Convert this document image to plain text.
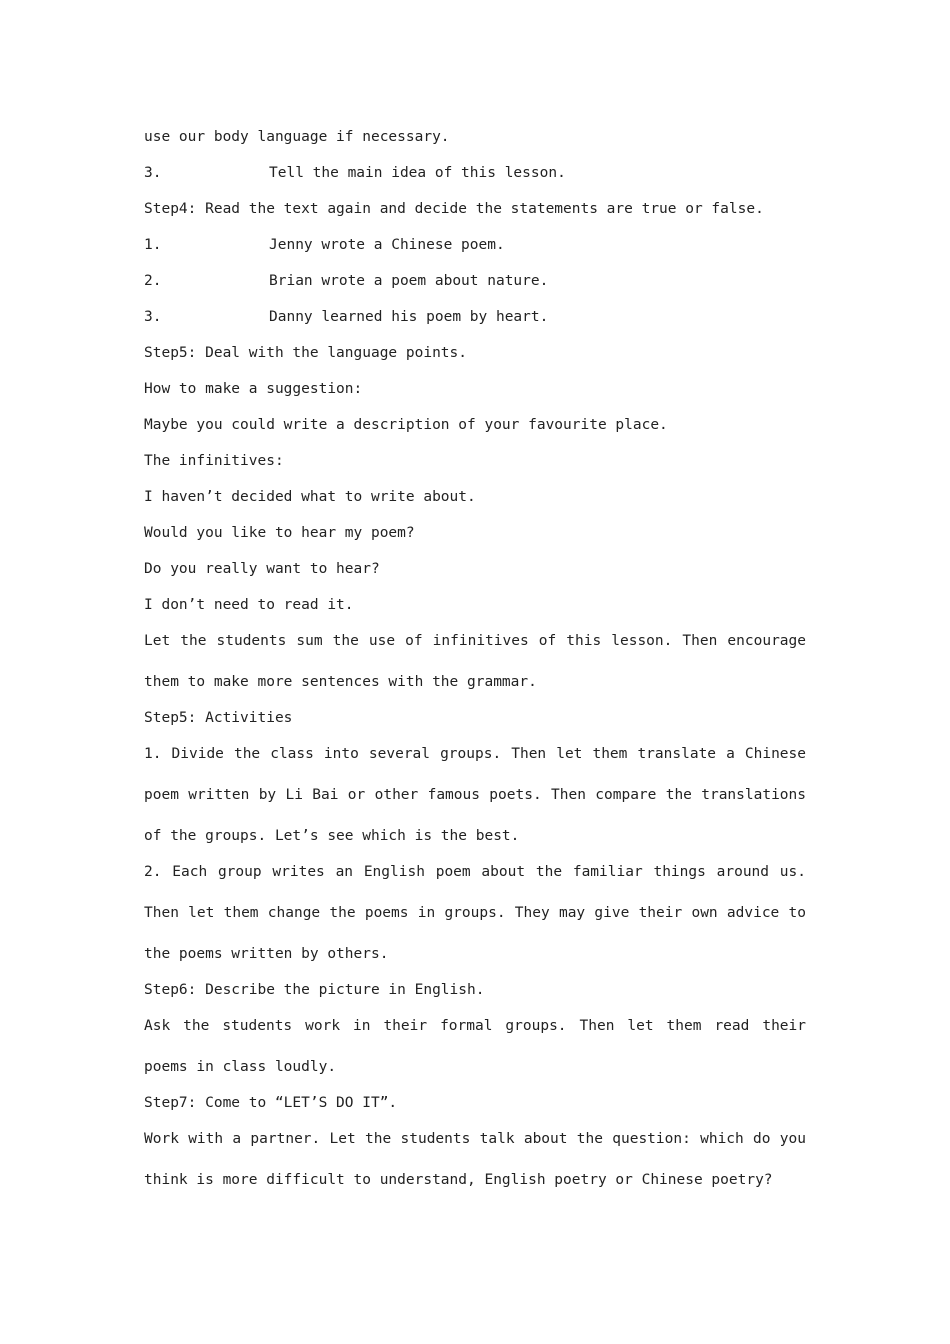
use our body language if necessary.
3.	Tell the main idea of this lesson.
Step4: Read the text again and decide the statements are true or false.
1.	Jenny wrote a Chinese poem.
2.	Brian wrote a poem about nature.
3.	Danny learned his poem by heart.
Step5: Deal with the language points.
How to make a suggestion:
Maybe you could write a description of your favourite place.
The infinitives:
I haven’t decided what to write about.
Would you like to hear my poem?
Do you really want to hear?
I don’t need to read it.
Let the students sum the use of infinitives of this lesson. Then encourage them to make more sentences with the grammar.
Step5: Activities
1. Divide the class into several groups. Then let them translate a Chinese poem written by Li Bai or other famous poets. Then compare the translations of the groups. Let’s see which is the best.
2. Each group writes an English poem about the familiar things around us. Then let them change the poems in groups. They may give their own advice to the poems written by others.
Step6: Describe the picture in English.
Ask the students work in their formal groups. Then let them read their poems in class loudly.
Step7: Come to “LET’S DO IT”.
Work with a partner. Let the students talk about the question: which do you think is more difficult to understand, English poetry or Chinese poetry?
